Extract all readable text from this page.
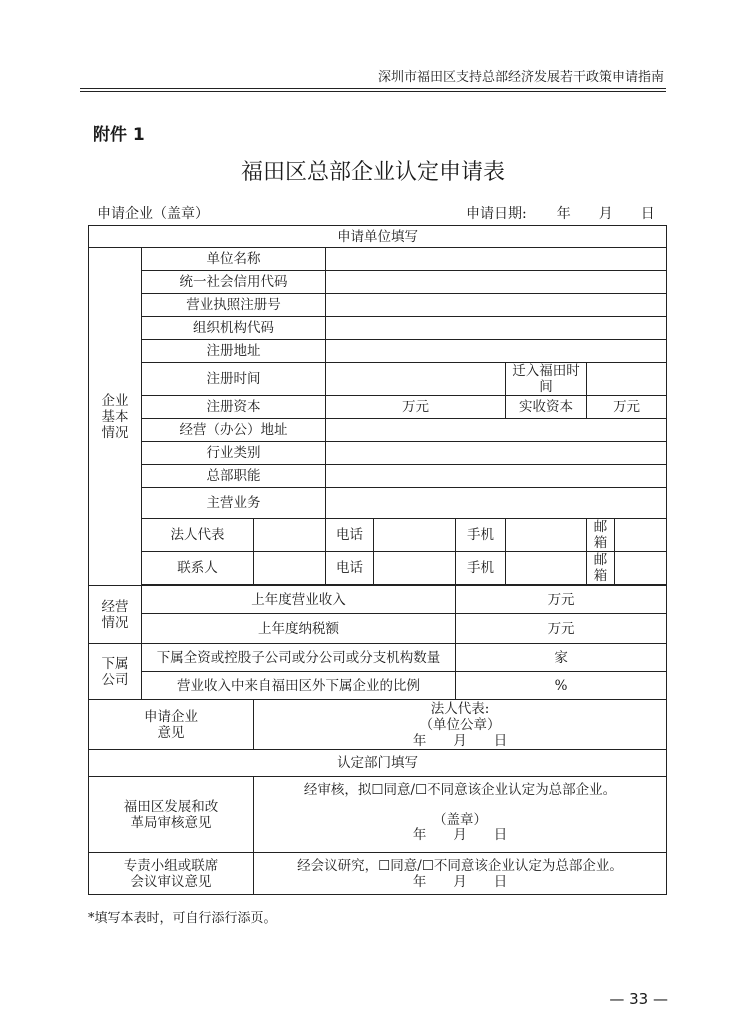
深圳市福田区支持总部经济发展若干政策申请指南
附件 1
福田区总部企业认定申请表
申请企业（盖章）	申请日期: 年 月 日
申请单位填写								
企业
基本
情况	单位名称							
	统一社会信用代码							
	营业执照注册号							
	组织机构代码							
	注册地址							
	注册时间					迁入福田时间		
	注册资本		万元			实收资本	万元	
	经营（办公）地址							
	行业类别							
	总部职能							
	主营业务							
	法人代表		电话		手机		邮
箱	
	联系人		电话		手机		邮
箱	

经营
情况	上年度营业收入				万元			
	上年度纳税额				万元			
下属
公司	下属全资或控股子公司或分公司或分支机构数量				家			
	营业收入中来自福田区外下属企业的比例				%			
申请企业
意见		法人代表:
（单位公章）
年　　月　　日						
认定部门填写								
福田区发展和改
革局审核意见		经审核，拟☐同意/☐不同意该企业认定为总部企业。

（盖章）
年　　月　　日						
专责小组或联席
会议审议意见		经会议研究，☐同意/☐不同意该企业认定为总部企业。
年　　月　　日						
*填写本表时，可自行添行添页。
— 33 —
